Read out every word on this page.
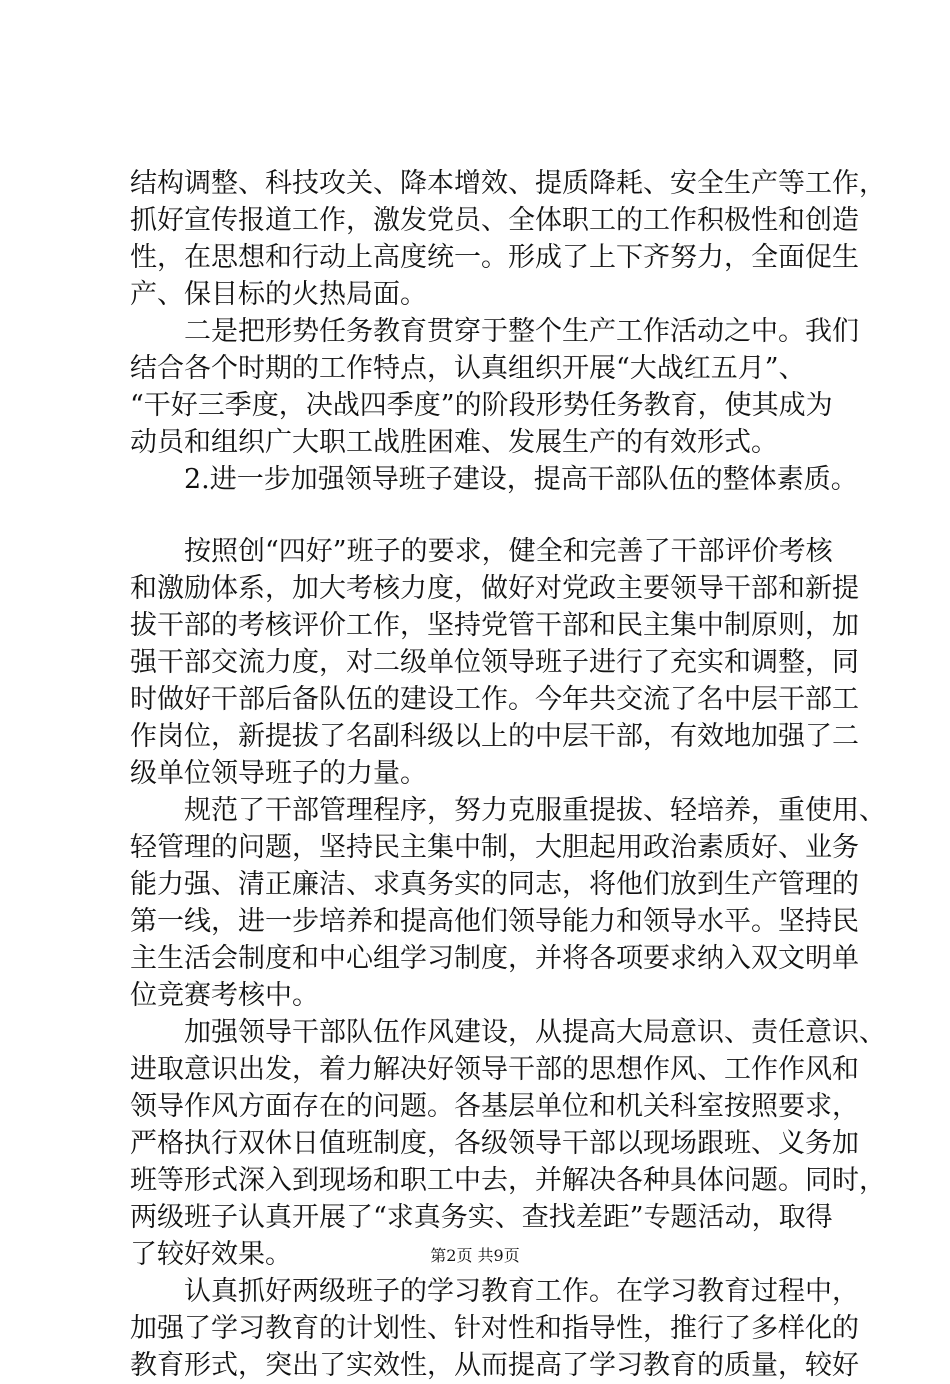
结构调整、科技攻关、降本增效、提质降耗、安全生产等工作，
抓好宣传报道工作，激发党员、全体职工的工作积极性和创造
性，在思想和行动上高度统一。形成了上下齐努力，全面促生
产、保目标的火热局面。
二是把形势任务教育贯穿于整个生产工作活动之中。我们
结合各个时期的工作特点，认真组织开展“大战红五月”、
“干好三季度，决战四季度”的阶段形势任务教育，使其成为
动员和组织广大职工战胜困难、发展生产的有效形式。
2.进一步加强领导班子建设，提高干部队伍的整体素质。
按照创“四好”班子的要求，健全和完善了干部评价考核
和激励体系，加大考核力度，做好对党政主要领导干部和新提
拔干部的考核评价工作，坚持党管干部和民主集中制原则，加
强干部交流力度，对二级单位领导班子进行了充实和调整，同
时做好干部后备队伍的建设工作。今年共交流了名中层干部工
作岗位，新提拔了名副科级以上的中层干部，有效地加强了二
级单位领导班子的力量。
规范了干部管理程序，努力克服重提拔、轻培养，重使用、
轻管理的问题，坚持民主集中制，大胆起用政治素质好、业务
能力强、清正廉洁、求真务实的同志，将他们放到生产管理的
第一线，进一步培养和提高他们领导能力和领导水平。坚持民
主生活会制度和中心组学习制度，并将各项要求纳入双文明单
位竞赛考核中。
加强领导干部队伍作风建设，从提高大局意识、责任意识、
进取意识出发，着力解决好领导干部的思想作风、工作作风和
领导作风方面存在的问题。各基层单位和机关科室按照要求，
严格执行双休日值班制度，各级领导干部以现场跟班、义务加
班等形式深入到现场和职工中去，并解决各种具体问题。同时，
两级班子认真开展了“求真务实、查找差距”专题活动，取得
了较好效果。
认真抓好两级班子的学习教育工作。在学习教育过程中，
加强了学习教育的计划性、针对性和指导性，推行了多样化的
教育形式，突出了实效性，从而提高了学习教育的质量，较好
第2页 共9页
